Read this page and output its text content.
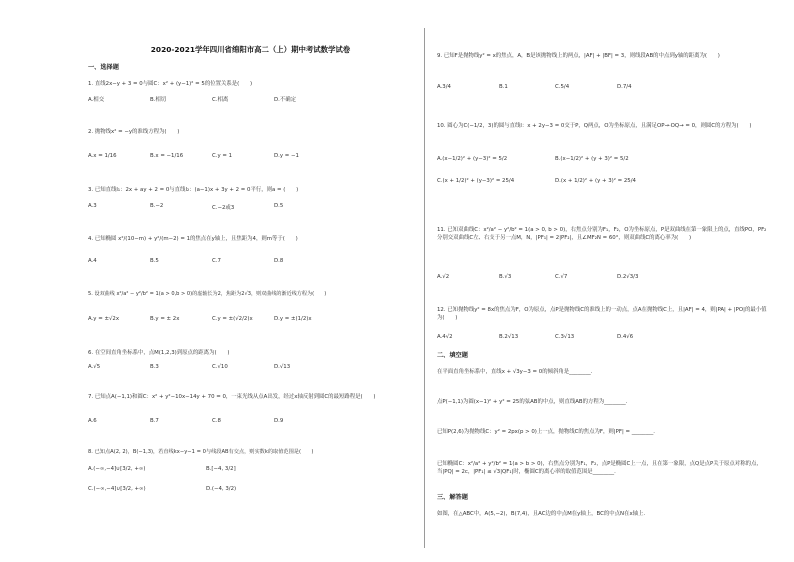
2020-2021学年四川省绵阳市高二（上）期中考试数学试卷
一、选择题
1. 直线2x−y + 3 = 0与圆C：x² + (y−1)² = 5的位置关系是(　　)
A.相交	B.相切	C.相离	D.不确定
2. 抛物线x² = −y的准线方程为(　　)
A.x = 1/16	B.x = −1/16	C.y = 1	D.y = −1
3. 已知直线l₁：2x + ay + 2 = 0与直线l₂：(a−1)x + 3y + 2 = 0平行，则a = (　　)
A.3	B.−2	C.−2或3	D.5
4. 已知椭圆 x²/(10−m) + y²/(m−2) = 1的焦点在y轴上，且焦距为4，则m等于(　　)
A.4	B.5	C.7	D.8
5. 设双曲线 x²/a² − y²/b² = 1(a > 0,b > 0)的虚轴长为2，焦距为2√3，则双曲线的渐近线方程为(　　)
A.y = ±√2x	B.y = ± 2x	C.y = ±(√2/2)x	D.y = ±(1/2)x
6. 在空间直角坐标系中，点M(1,2,3)到原点的距离为(　　)
A.√5	B.3	C.√10	D.√13
7. 已知点A(−1,1)和圆C：x² + y²−10x−14y + 70 = 0，一束光线从点A出发，经过x轴反射到圆C的最短路程是(　　)
A.6	B.7	C.8	D.9
8. 已知点A(2, 2)，B(−1,3)，若直线kx−y−1 = 0与线段AB有交点，则实数k的取值范围是(　　)
A.(−∞,−4]∪[3/2, +∞)	B.[−4, 3/2]
C.(−∞,−4]∪[3/2, +∞)	D.(−4, 3/2)
9. 已知F是抛物线y² = x的焦点，A，B是该抛物线上的两点，|AF| + |BF| = 3，则线段AB的中点到y轴的距离为(　　)
A.3/4	B.1	C.5/4	D.7/4
10. 圆心为C(−1/2，3)的圆与直线l：x + 2y−3 = 0交于P，Q两点，O为坐标原点，且满足OP→·OQ→ = 0，则圆C的方程为(　　)
A.(x−1/2)² + (y−3)² = 5/2	B.(x−1/2)² + (y + 3)² = 5/2
C.(x + 1/2)² + (y−3)² = 25/4	D.(x + 1/2)² + (y + 3)² = 25/4
11. 已知双曲线C：x²/a² − y²/b² = 1(a > 0, b > 0)，右焦点分别为F₁，F₂，O为坐标原点，P是双曲线在第一象限上的点，直线PO，PF₂分别交双曲线C左、右支于另一点M，N，|PF₁| = 2|PF₂|，且∠MF₂N = 60°，则双曲线C的离心率为(　　)
A.√2	B.√3	C.√7	D.2√3/3
12. 已知抛物线y² = 8x的焦点为F，O为原点，点P是抛物线C的准线上的一动点，点A在抛物线C上，且|AF| = 4，则|PA| + |PO|的最小值为(　　)
A.4√2	B.2√13	C.3√13	D.4√6
二、填空题
在平面直角坐标系中，直线x + √3y−3 = 0的倾斜角是________.
点P(−1,1)为圆(x−1)² + y² = 25的弦AB的中点，则直线AB的方程为________.
已知P(2,6)为抛物线C：y² = 2px(p > 0)上一点，抛物线C的焦点为F，则|PF| = ________.
已知椭圆C：x²/a² + y²/b² = 1(a > b > 0)，右焦点分别为F₁，F₂，点P是椭圆C上一点，且在第一象限，点Q是点P关于原点对称的点，当|PQ| = 2c，|PF₁| ≤ √3|QF₁|时，椭圆C的离心率的取值范围是________.
三、解答题
如图，在△ABC中，A(5,−2)，B(7,4)，且AC边的中点M在y轴上，BC的中点N在x轴上.
